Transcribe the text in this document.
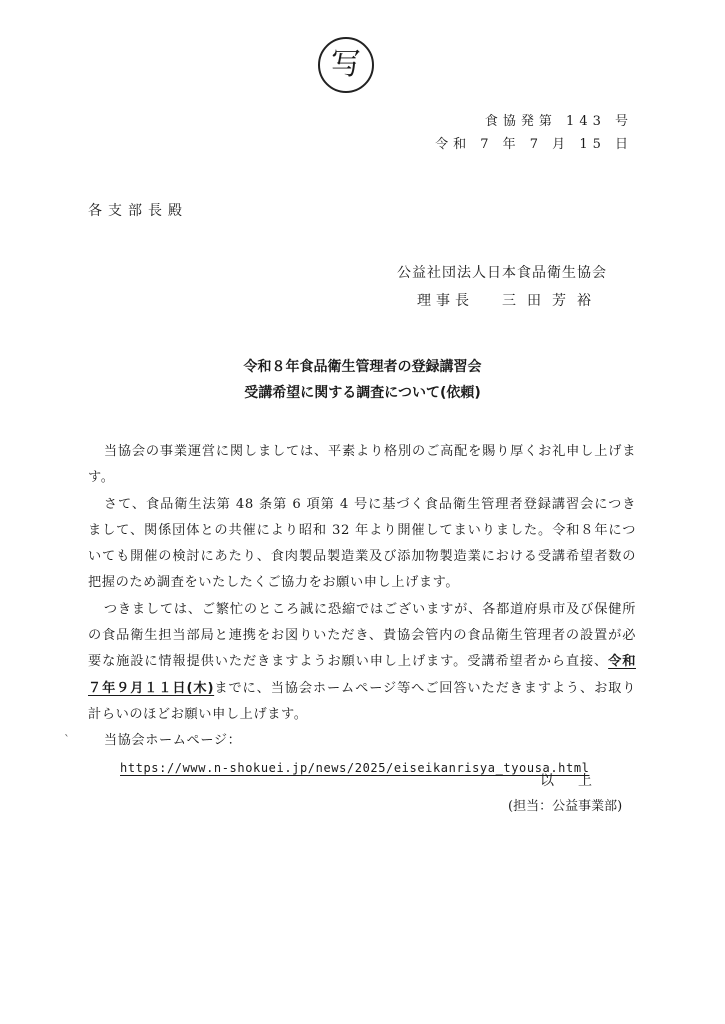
写
食協発第 143 号
令和 7 年 7 月 15 日
各支部長殿
公益社団法人日本食品衛生協会
理事長 三田芳裕
令和８年食品衛生管理者の登録講習会
受講希望に関する調査について(依頼)

当協会の事業運営に関しましては、平素より格別のご高配を賜り厚くお礼申し上げます。

さて、食品衛生法第 48 条第 6 項第 4 号に基づく食品衛生管理者登録講習会につきまして、関係団体との共催により昭和 32 年より開催してまいりました。令和８年についても開催の検討にあたり、食肉製品製造業及び添加物製造業における受講希望者数の把握のため調査をいたしたくご協力をお願い申し上げます。

つきましては、ご繁忙のところ誠に恐縮ではございますが、各都道府県市及び保健所の食品衛生担当部局と連携をお図りいただき、貴協会管内の食品衛生管理者の設置が必要な施設に情報提供いただきますようお願い申し上げます。受講希望者から直接、令和７年９月１１日(木)までに、当協会ホームページ等へご回答いただきますよう、お取り計らいのほどお願い申し上げます。

当協会ホームページ：

https://www.n-shokuei.jp/news/2025/eiseikanrisya_tyousa.html
`
以上
(担当：公益事業部)
